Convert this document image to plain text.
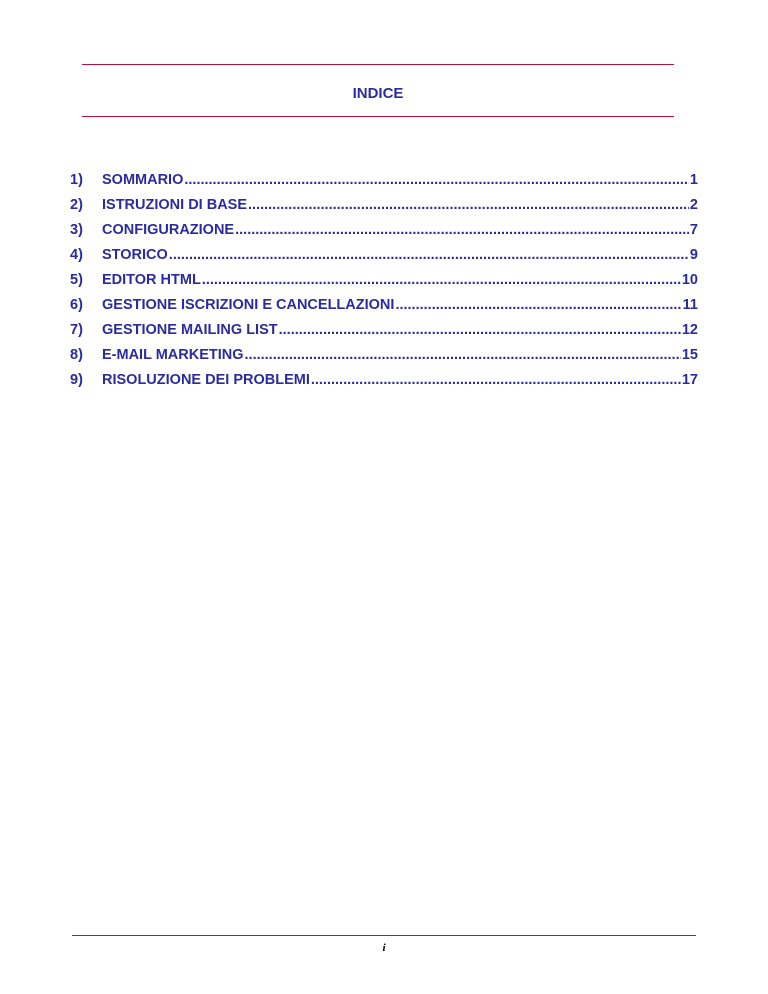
INDICE
1)	SOMMARIO .....	1
2)	ISTRUZIONI DI BASE .....	2
3)	CONFIGURAZIONE .....	7
4)	STORICO .....	9
5)	EDITOR HTML .....	10
6)	GESTIONE ISCRIZIONI E CANCELLAZIONI .....	11
7)	GESTIONE MAILING LIST .....	12
8)	E-MAIL MARKETING .....	15
9)	RISOLUZIONE DEI PROBLEMI .....	17
i
